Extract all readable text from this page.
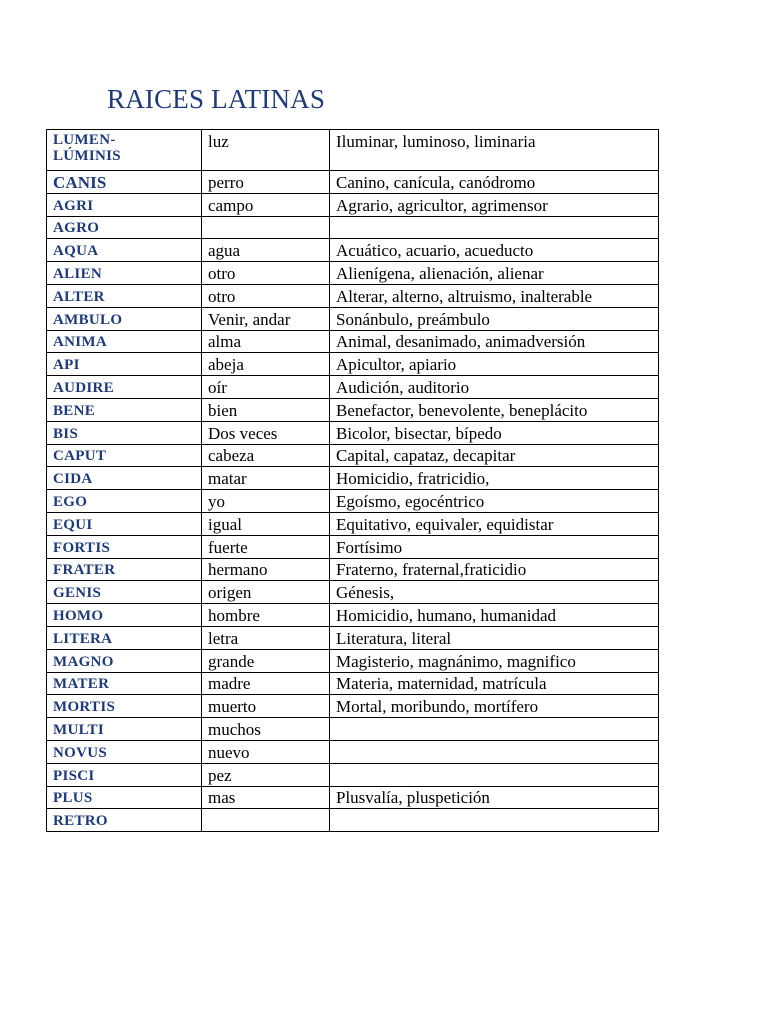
RAICES LATINAS
LUMEN-
LÚMINIS	luz	Iluminar, luminoso, liminaria
CANIS	perro	Canino, canícula, canódromo
AGRI	campo	Agrario, agricultor, agrimensor
AGRO		
AQUA	agua	Acuático, acuario, acueducto
ALIEN	otro	Alienígena, alienación, alienar
ALTER	otro	Alterar, alterno, altruismo, inalterable
AMBULO	Venir, andar	Sonánbulo, preámbulo
ANIMA	alma	Animal, desanimado, animadversión
API	abeja	Apicultor, apiario
AUDIRE	oír	Audición, auditorio
BENE	bien	Benefactor, benevolente, beneplácito
BIS	Dos veces	Bicolor, bisectar, bípedo
CAPUT	cabeza	Capital, capataz, decapitar
CIDA	matar	Homicidio, fratricidio,
EGO	yo	Egoísmo, egocéntrico
EQUI	igual	Equitativo, equivaler, equidistar
FORTIS	fuerte	Fortísimo
FRATER	hermano	Fraterno, fraternal,fraticidio
GENIS	origen	Génesis,
HOMO	hombre	Homicidio, humano, humanidad
LITERA	letra	Literatura, literal
MAGNO	grande	Magisterio, magnánimo, magnifico
MATER	madre	Materia, maternidad, matrícula
MORTIS	muerto	Mortal, moribundo, mortífero
MULTI	muchos	
NOVUS	nuevo	
PISCI	pez	
PLUS	mas	Plusvalía, pluspetición
RETRO		
